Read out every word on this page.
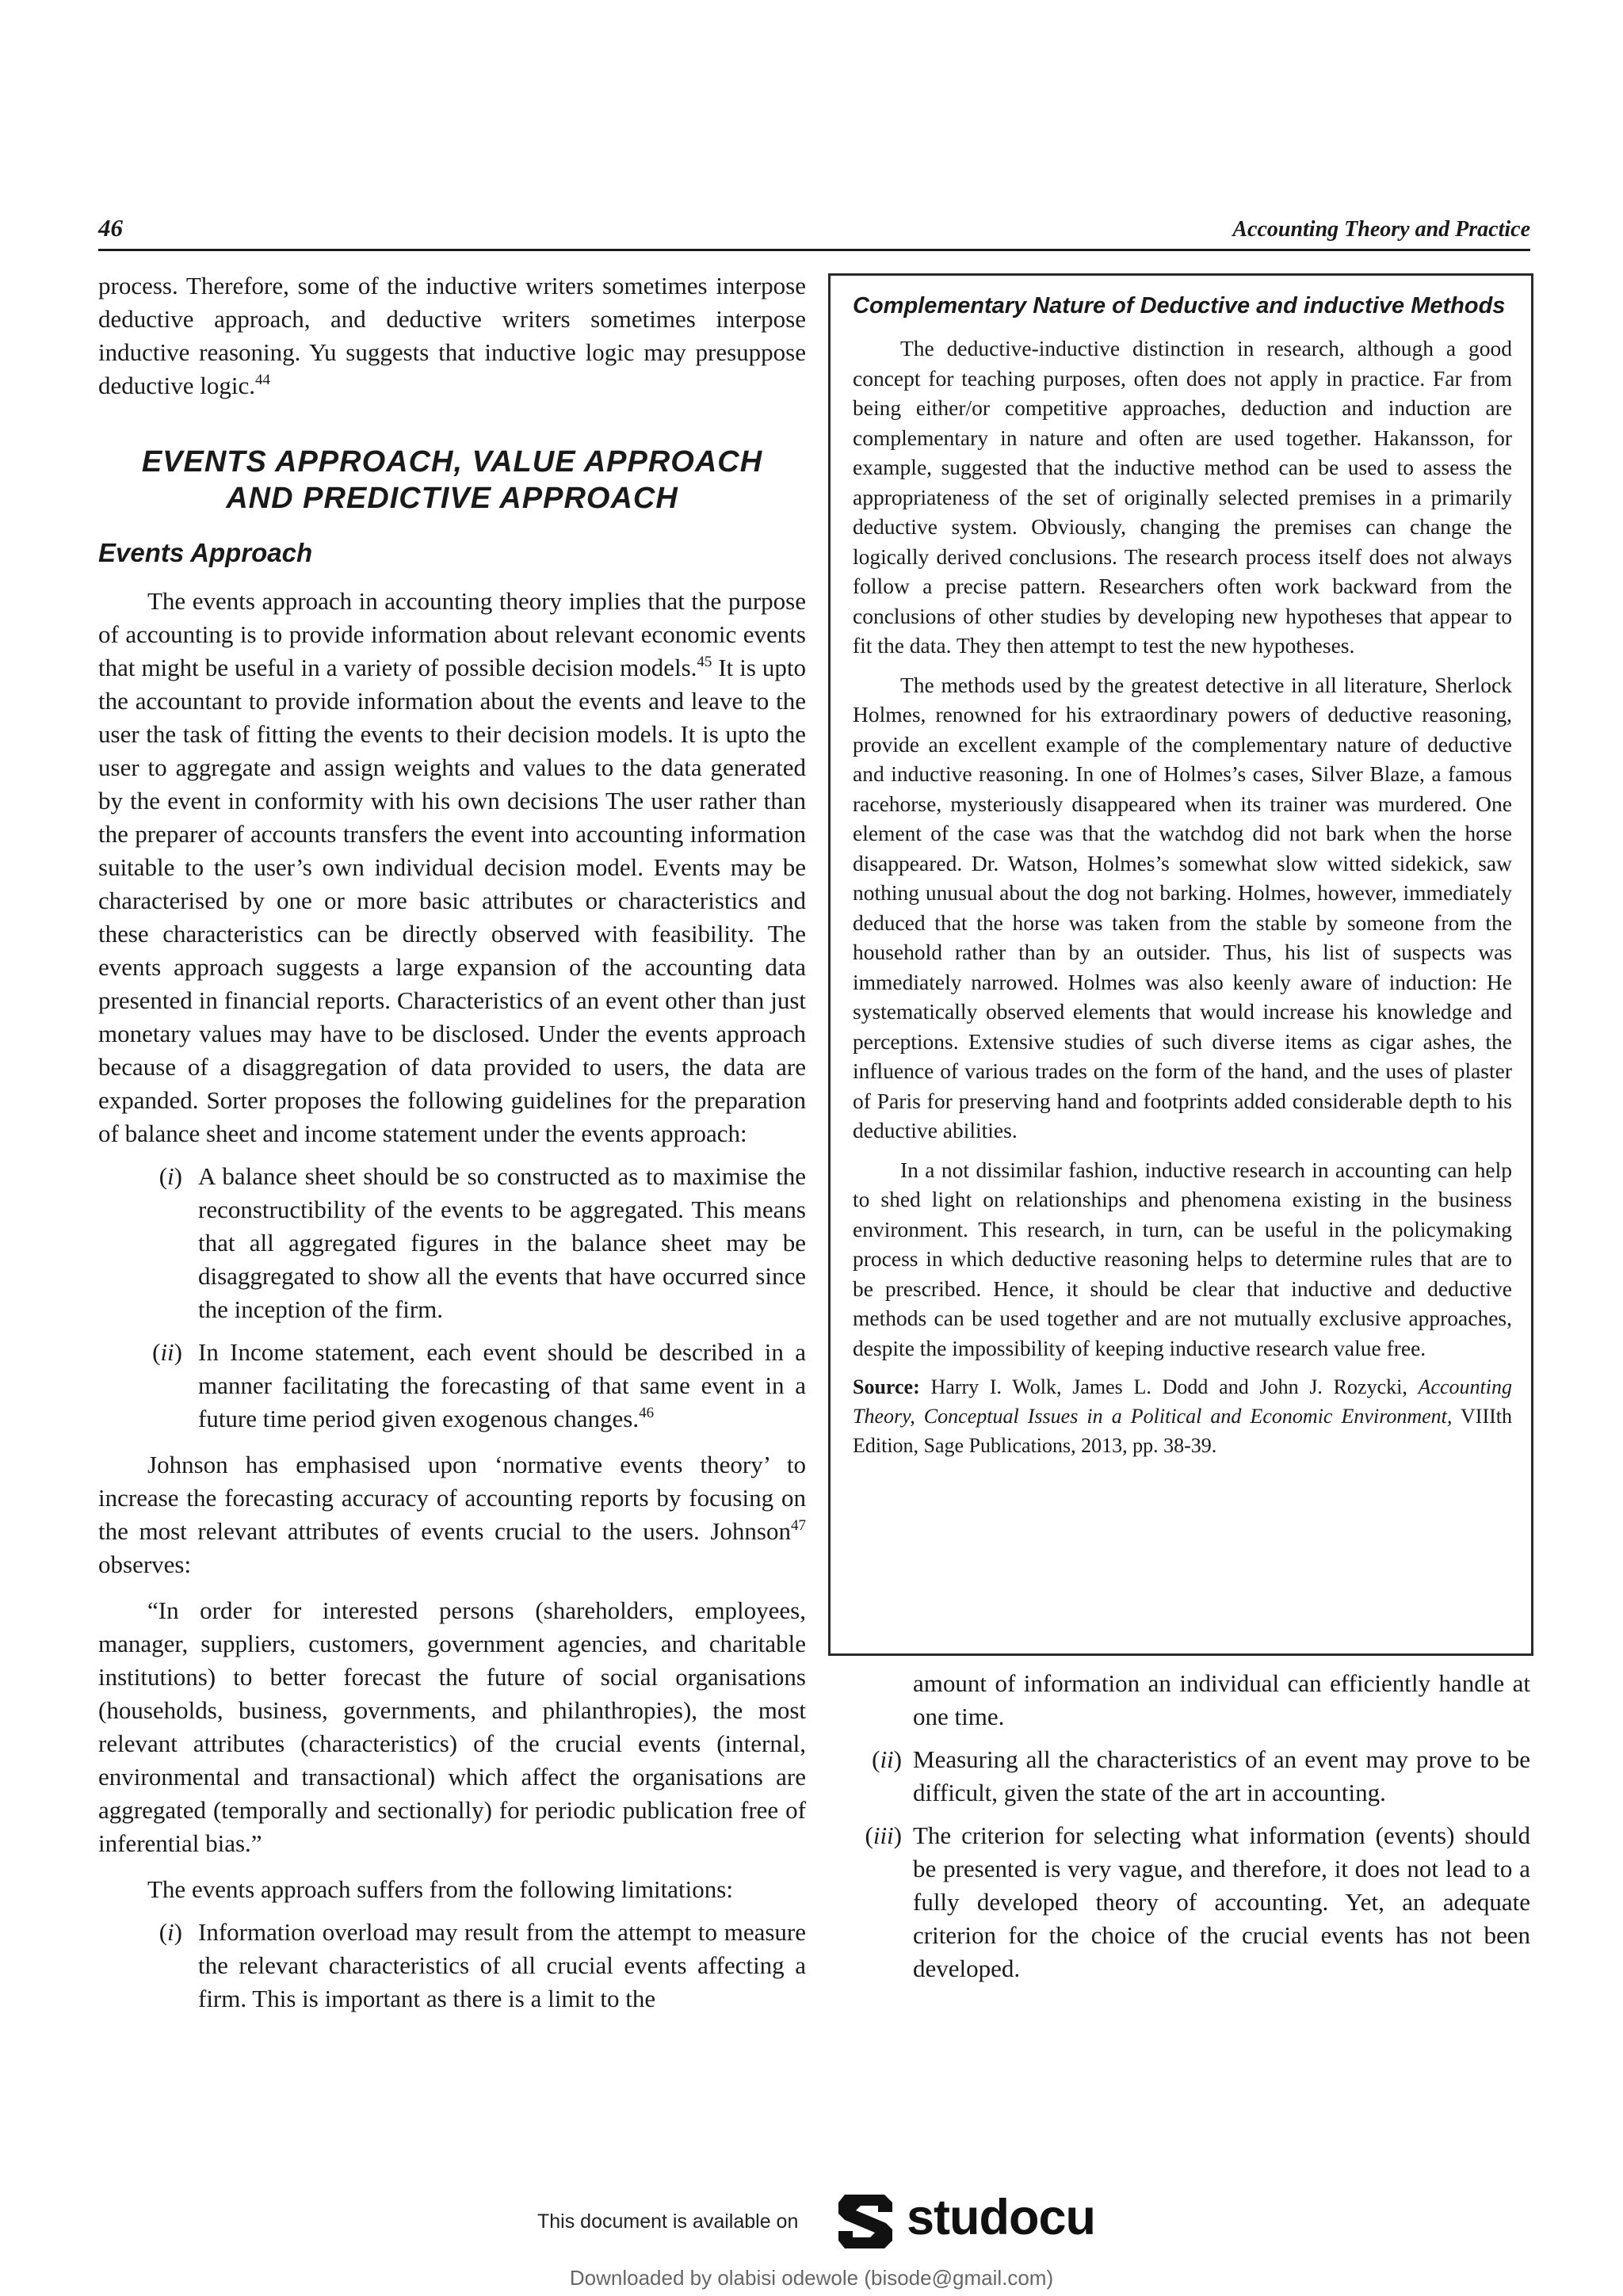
46	Accounting Theory and Practice

process. Therefore, some of the inductive writers sometimes interpose deductive approach, and deductive writers sometimes interpose inductive reasoning. Yu suggests that inductive logic may presuppose deductive logic.$^{44}$

EVENTS APPROACH, VALUE APPROACH
AND PREDICTIVE APPROACH
Events Approach

The events approach in accounting theory implies that the purpose of accounting is to provide information about relevant economic events that might be useful in a variety of possible decision models.$^{45}$ It is upto the accountant to provide information about the events and leave to the user the task of fitting the events to their decision models. It is upto the user to aggregate and assign weights and values to the data generated by the event in conformity with his own decisions The user rather than the preparer of accounts transfers the event into accounting information suitable to the user’s own individual decision model. Events may be characterised by one or more basic attributes or characteristics and these characteristics can be directly observed with feasibility. The events approach suggests a large expansion of the accounting data presented in financial reports. Characteristics of an event other than just monetary values may have to be disclosed. Under the events approach because of a disaggregation of data provided to users, the data are expanded. Sorter proposes the following guidelines for the preparation of balance sheet and income statement under the events approach:

(i) A balance sheet should be so constructed as to maximise the reconstructibility of the events to be aggregated. This means that all aggregated figures in the balance sheet may be disaggregated to show all the events that have occurred since the inception of the firm.
(ii) In Income statement, each event should be described in a manner facilitating the forecasting of that same event in a future time period given exogenous changes.$^{46}$

Johnson has emphasised upon ‘normative events theory’ to increase the forecasting accuracy of accounting reports by focusing on the most relevant attributes of events crucial to the users. Johnson$^{47}$ observes:

“In order for interested persons (shareholders, employees, manager, suppliers, customers, government agencies, and charitable institutions) to better forecast the future of social organisations (households, business, governments, and philanthropies), the most relevant attributes (characteristics) of the crucial events (internal, environmental and transactional) which affect the organisations are aggregated (temporally and sectionally) for periodic publication free of inferential bias.”

The events approach suffers from the following limitations:

(i) Information overload may result from the attempt to measure the relevant characteristics of all crucial events affecting a firm. This is important as there is a limit to the
Complementary Nature of Deductive and inductive Methods

The deductive-inductive distinction in research, although a good concept for teaching purposes, often does not apply in practice. Far from being either/or competitive approaches, deduction and induction are complementary in nature and often are used together. Hakansson, for example, suggested that the inductive method can be used to assess the appropriateness of the set of originally selected premises in a primarily deductive system. Obviously, changing the premises can change the logically derived conclusions. The research process itself does not always follow a precise pattern. Researchers often work backward from the conclusions of other studies by developing new hypotheses that appear to fit the data. They then attempt to test the new hypotheses.

The methods used by the greatest detective in all literature, Sherlock Holmes, renowned for his extraordinary powers of deductive reasoning, provide an excellent example of the complementary nature of deductive and inductive reasoning. In one of Holmes’s cases, Silver Blaze, a famous racehorse, mysteriously disappeared when its trainer was murdered. One element of the case was that the watchdog did not bark when the horse disappeared. Dr. Watson, Holmes’s somewhat slow witted sidekick, saw nothing unusual about the dog not barking. Holmes, however, immediately deduced that the horse was taken from the stable by someone from the household rather than by an outsider. Thus, his list of suspects was immediately narrowed. Holmes was also keenly aware of induction: He systematically observed elements that would increase his knowledge and perceptions. Extensive studies of such diverse items as cigar ashes, the influence of various trades on the form of the hand, and the uses of plaster of Paris for preserving hand and footprints added considerable depth to his deductive abilities.

In a not dissimilar fashion, inductive research in accounting can help to shed light on relationships and phenomena existing in the business environment. This research, in turn, can be useful in the policymaking process in which deductive reasoning helps to determine rules that are to be prescribed. Hence, it should be clear that inductive and deductive methods can be used together and are not mutually exclusive approaches, despite the impossibility of keeping inductive research value free.

Source: Harry I. Wolk, James L. Dodd and John J. Rozycki, Accounting Theory, Conceptual Issues in a Political and Economic Environment, VIIIth Edition, Sage Publications, 2013, pp. 38-39.

amount of information an individual can efficiently handle at one time.
(ii) Measuring all the characteristics of an event may prove to be difficult, given the state of the art in accounting.
(iii) The criterion for selecting what information (events) should be presented is very vague, and therefore, it does not lead to a fully developed theory of accounting. Yet, an adequate criterion for the choice of the crucial events has not been developed.
This document is available on studocu
Downloaded by olabisi odewole (bisode@gmail.com)
